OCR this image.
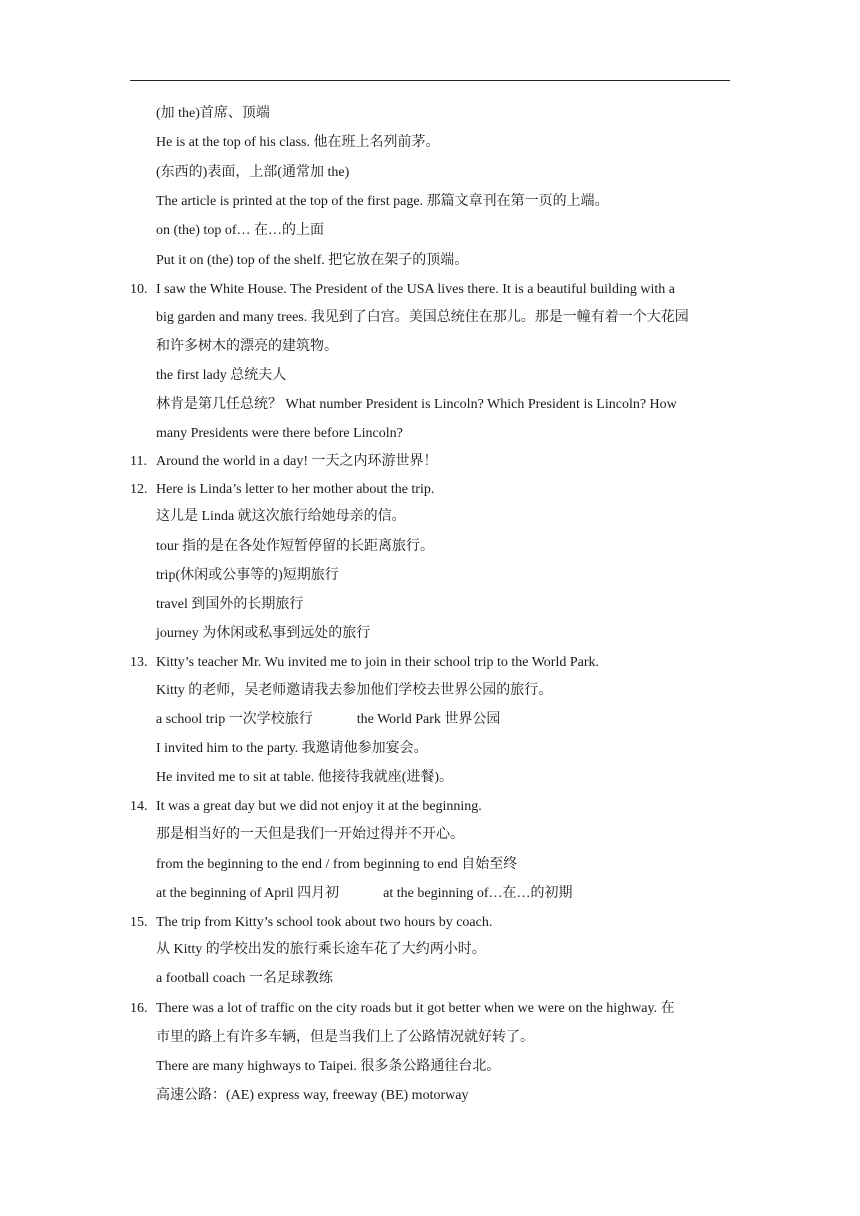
(加 the)首席、顶端
He is at the top of his class. 他在班上名列前茅。
(东西的)表面，上部(通常加 the)
The article is printed at the top of the first page. 那篇文章刊在第一页的上端。
on (the) top of… 在…的上面
Put it on (the) top of the shelf. 把它放在架子的顶端。
10. I saw the White House. The President of the USA lives there. It is a beautiful building with a
big garden and many trees. 我见到了白宫。美国总统住在那儿。那是一幢有着一个大花园
和许多树木的漂亮的建筑物。
the first lady 总统夫人
林肯是第几任总统？ What number President is Lincoln? Which President is Lincoln? How
many Presidents were there before Lincoln?
11. Around the world in a day! 一天之内环游世界！
12. Here is Linda’s letter to her mother about the trip.
这儿是 Linda 就这次旅行给她母亲的信。
tour 指的是在各处作短暂停留的长距离旅行。
trip(休闲或公事等的)短期旅行
travel 到国外的长期旅行
journey 为休闲或私事到远处的旅行
13. Kitty’s teacher Mr. Wu invited me to join in their school trip to the World Park.
Kitty 的老师，吴老师邀请我去参加他们学校去世界公园的旅行。
a school trip 一次学校旅行	the World Park 世界公园
I invited him to the party. 我邀请他参加宴会。
He invited me to sit at table. 他接待我就座(进餐)。
14. It was a great day but we did not enjoy it at the beginning.
那是相当好的一天但是我们一开始过得并不开心。
from the beginning to the end / from beginning to end 自始至终
at the beginning of April 四月初	at the beginning of…在…的初期
15. The trip from Kitty’s school took about two hours by coach.
从 Kitty 的学校出发的旅行乘长途车花了大约两小时。
a football coach 一名足球教练
16. There was a lot of traffic on the city roads but it got better when we were on the highway. 在
市里的路上有许多车辆，但是当我们上了公路情况就好转了。
There are many highways to Taipei. 很多条公路通往台北。
高速公路：(AE) express way, freeway (BE) motorway
